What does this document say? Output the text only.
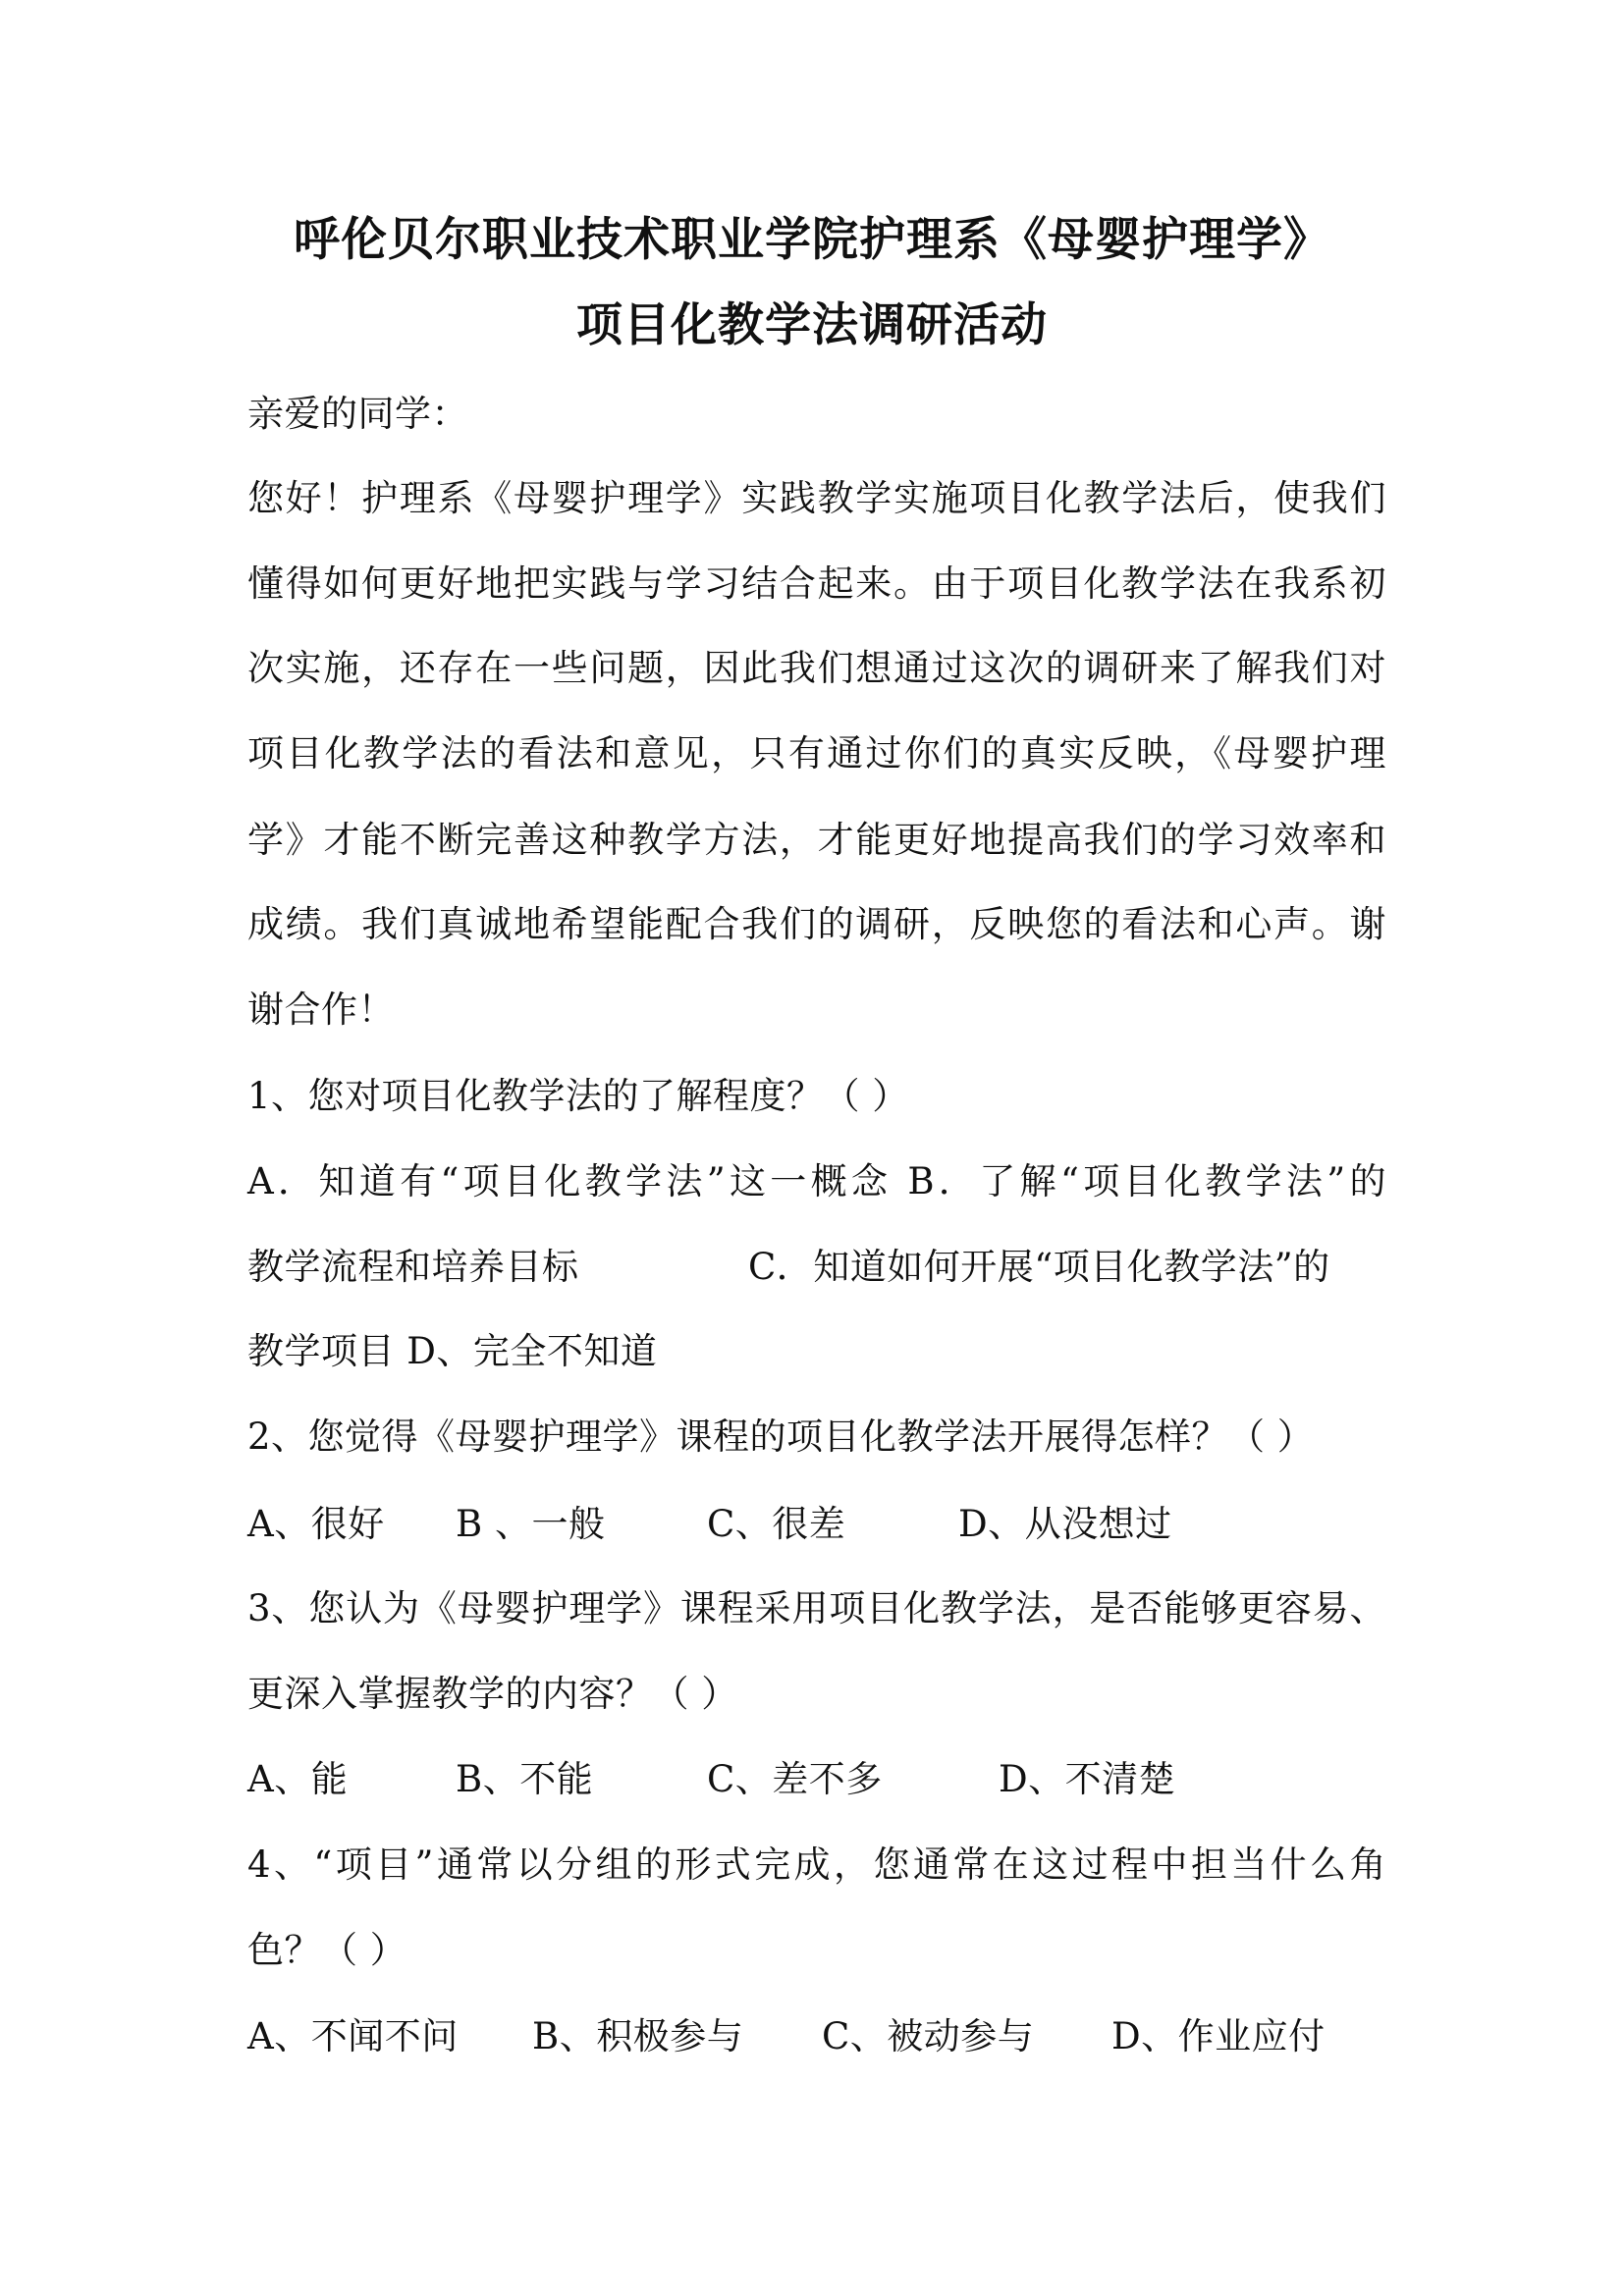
呼伦贝尔职业技术职业学院护理系《母婴护理学》
项目化教学法调研活动
亲爱的同学：
您好！护理系《母婴护理学》实践教学实施项目化教学法后，使我们
懂得如何更好地把实践与学习结合起来。由于项目化教学法在我系初
次实施，还存在一些问题，因此我们想通过这次的调研来了解我们对
项目化教学法的看法和意见，只有通过你们的真实反映，《母婴护理
学》才能不断完善这种教学方法，才能更好地提高我们的学习效率和
成绩。我们真诚地希望能配合我们的调研，反映您的看法和心声。谢
谢合作！
1、您对项目化教学法的了解程度？（ ）
A．知道有“项目化教学法”这一概念 B．了解“项目化教学法”的
教学流程和培养目标	C．知道如何开展“项目化教学法”的
教学项目 D、完全不知道
2、您觉得《母婴护理学》课程的项目化教学法开展得怎样？（ ）
A、很好 B 、一般	C、很差	D、从没想过
3、您认为《母婴护理学》课程采用项目化教学法，是否能够更容易、
更深入掌握教学的内容？（ ）
A、能	B、不能	C、差不多	D、不清楚
4、“项目”通常以分组的形式完成，您通常在这过程中担当什么角
色？（ ）
A、不闻不问 B、积极参与 C、被动参与 D、作业应付
